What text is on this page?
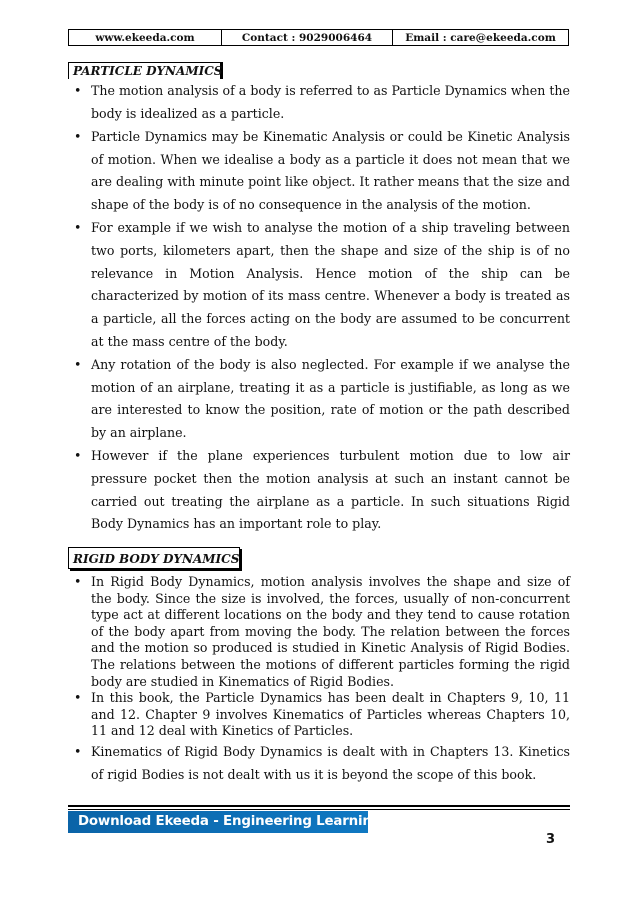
www.ekeeda.com	Contact : 9029006464	Email : care@ekeeda.com
PARTICLE DYNAMICS
• The motion analysis of a body is referred to as Particle Dynamics when the body is idealized as a particle.
• Particle Dynamics may be Kinematic Analysis or could be Kinetic Analysis of motion. When we idealise a body as a particle it does not mean that we are dealing with minute point like object. It rather means that the size and shape of the body is of no consequence in the analysis of the motion.
• For example if we wish to analyse the motion of a ship traveling between two ports, kilometers apart, then the shape and size of the ship is of no relevance in Motion Analysis. Hence motion of the ship can be characterized by motion of its mass centre. Whenever a body is treated as a particle, all the forces acting on the body are assumed to be concurrent at the mass centre of the body.
• Any rotation of the body is also neglected. For example if we analyse the motion of an airplane, treating it as a particle is justifiable, as long as we are interested to know the position, rate of motion or the path described by an airplane.
• However if the plane experiences turbulent motion due to low air pressure pocket then the motion analysis at such an instant cannot be carried out treating the airplane as a particle. In such situations Rigid Body Dynamics has an important role to play.
RIGID BODY DYNAMICS
• In Rigid Body Dynamics, motion analysis involves the shape and size of the body. Since the size is involved, the forces, usually of non-concurrent type act at different locations on the body and they tend to cause rotation of the body apart from moving the body. The relation between the forces and the motion so produced is studied in Kinetic Analysis of Rigid Bodies. The relations between the motions of different particles forming the rigid body are studied in Kinematics of Rigid Bodies.
• In this book, the Particle Dynamics has been dealt in Chapters 9, 10, 11 and 12. Chapter 9 involves Kinematics of Particles whereas Chapters 10, 11 and 12 deal with Kinetics of Particles.
• Kinematics of Rigid Body Dynamics is dealt with in Chapters 13. Kinetics of rigid Bodies is not dealt with us it is beyond the scope of this book.
Download Ekeeda - Engineering Learning App
3
